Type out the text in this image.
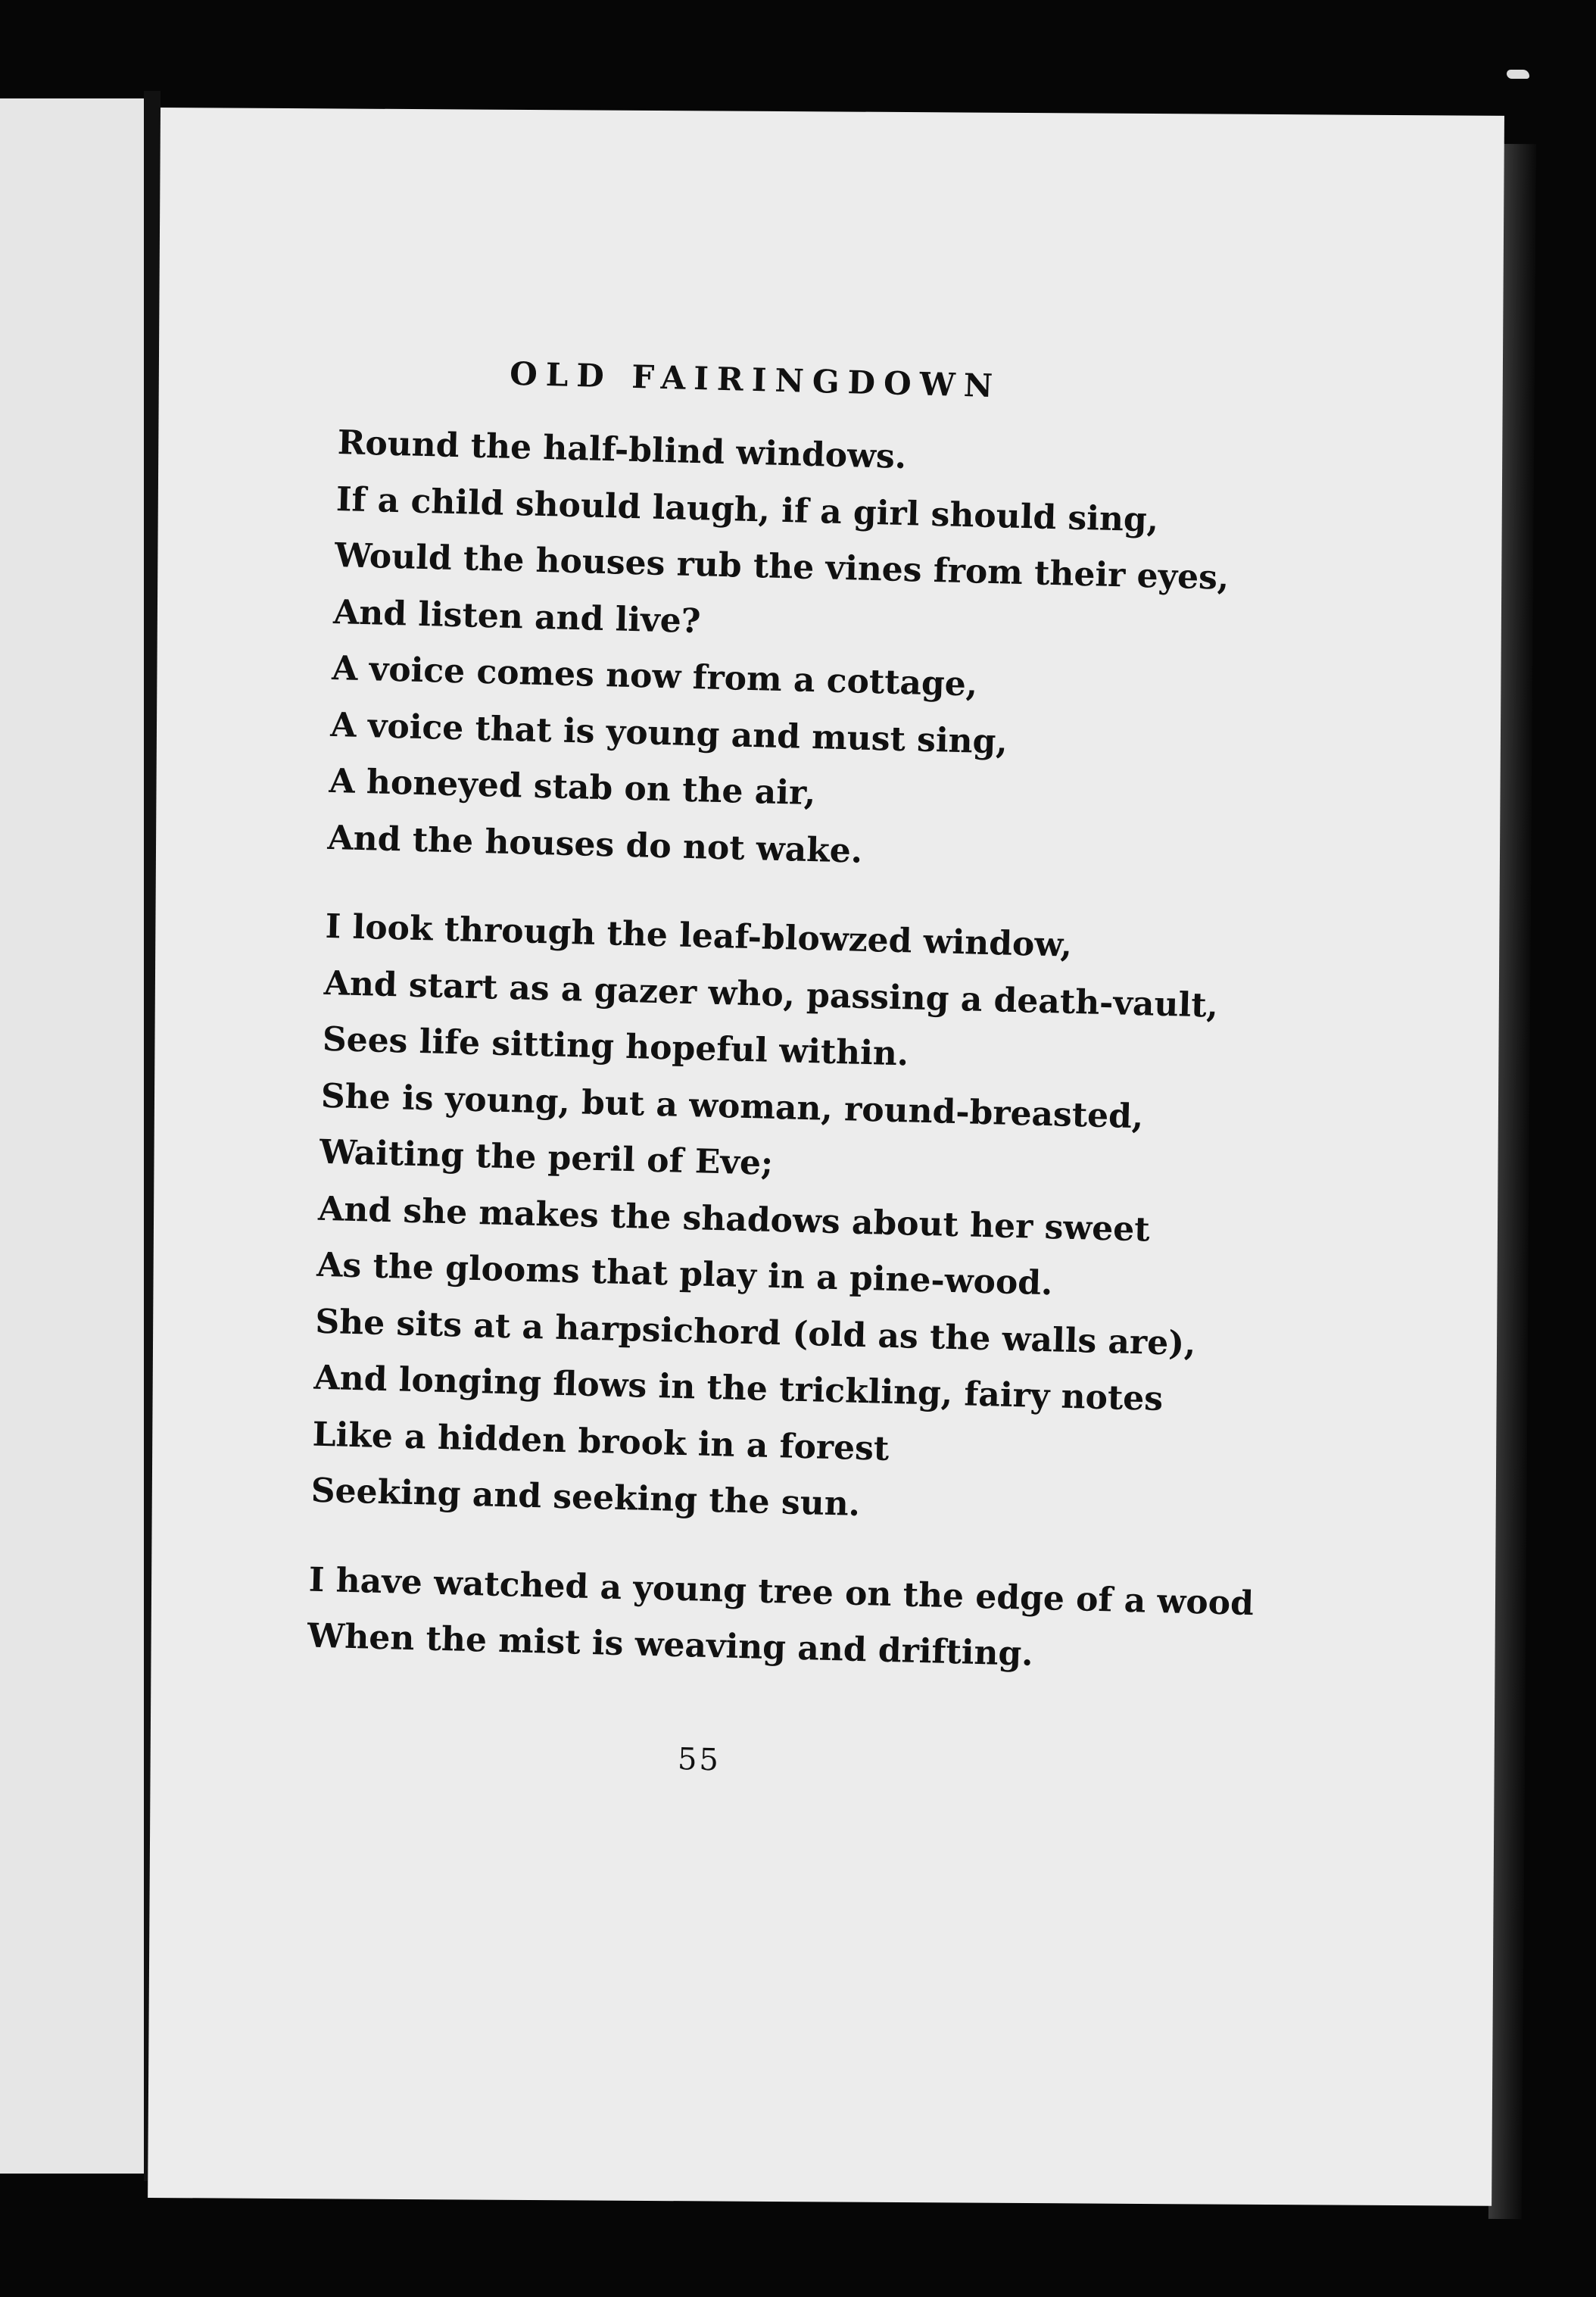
OLD FAIRINGDOWN
Round the half-blind windows.
If a child should laugh, if a girl should sing,
Would the houses rub the vines from their eyes,
And listen and live?
A voice comes now from a cottage,
A voice that is young and must sing,
A honeyed stab on the air,
And the houses do not wake.
I look through the leaf-blowzed window,
And start as a gazer who, passing a death-vault,
Sees life sitting hopeful within.
She is young, but a woman, round-breasted,
Waiting the peril of Eve;
And she makes the shadows about her sweet
As the glooms that play in a pine-wood.
She sits at a harpsichord (old as the walls are),
And longing flows in the trickling, fairy notes
Like a hidden brook in a forest
Seeking and seeking the sun.
I have watched a young tree on the edge of a wood
When the mist is weaving and drifting.
55
